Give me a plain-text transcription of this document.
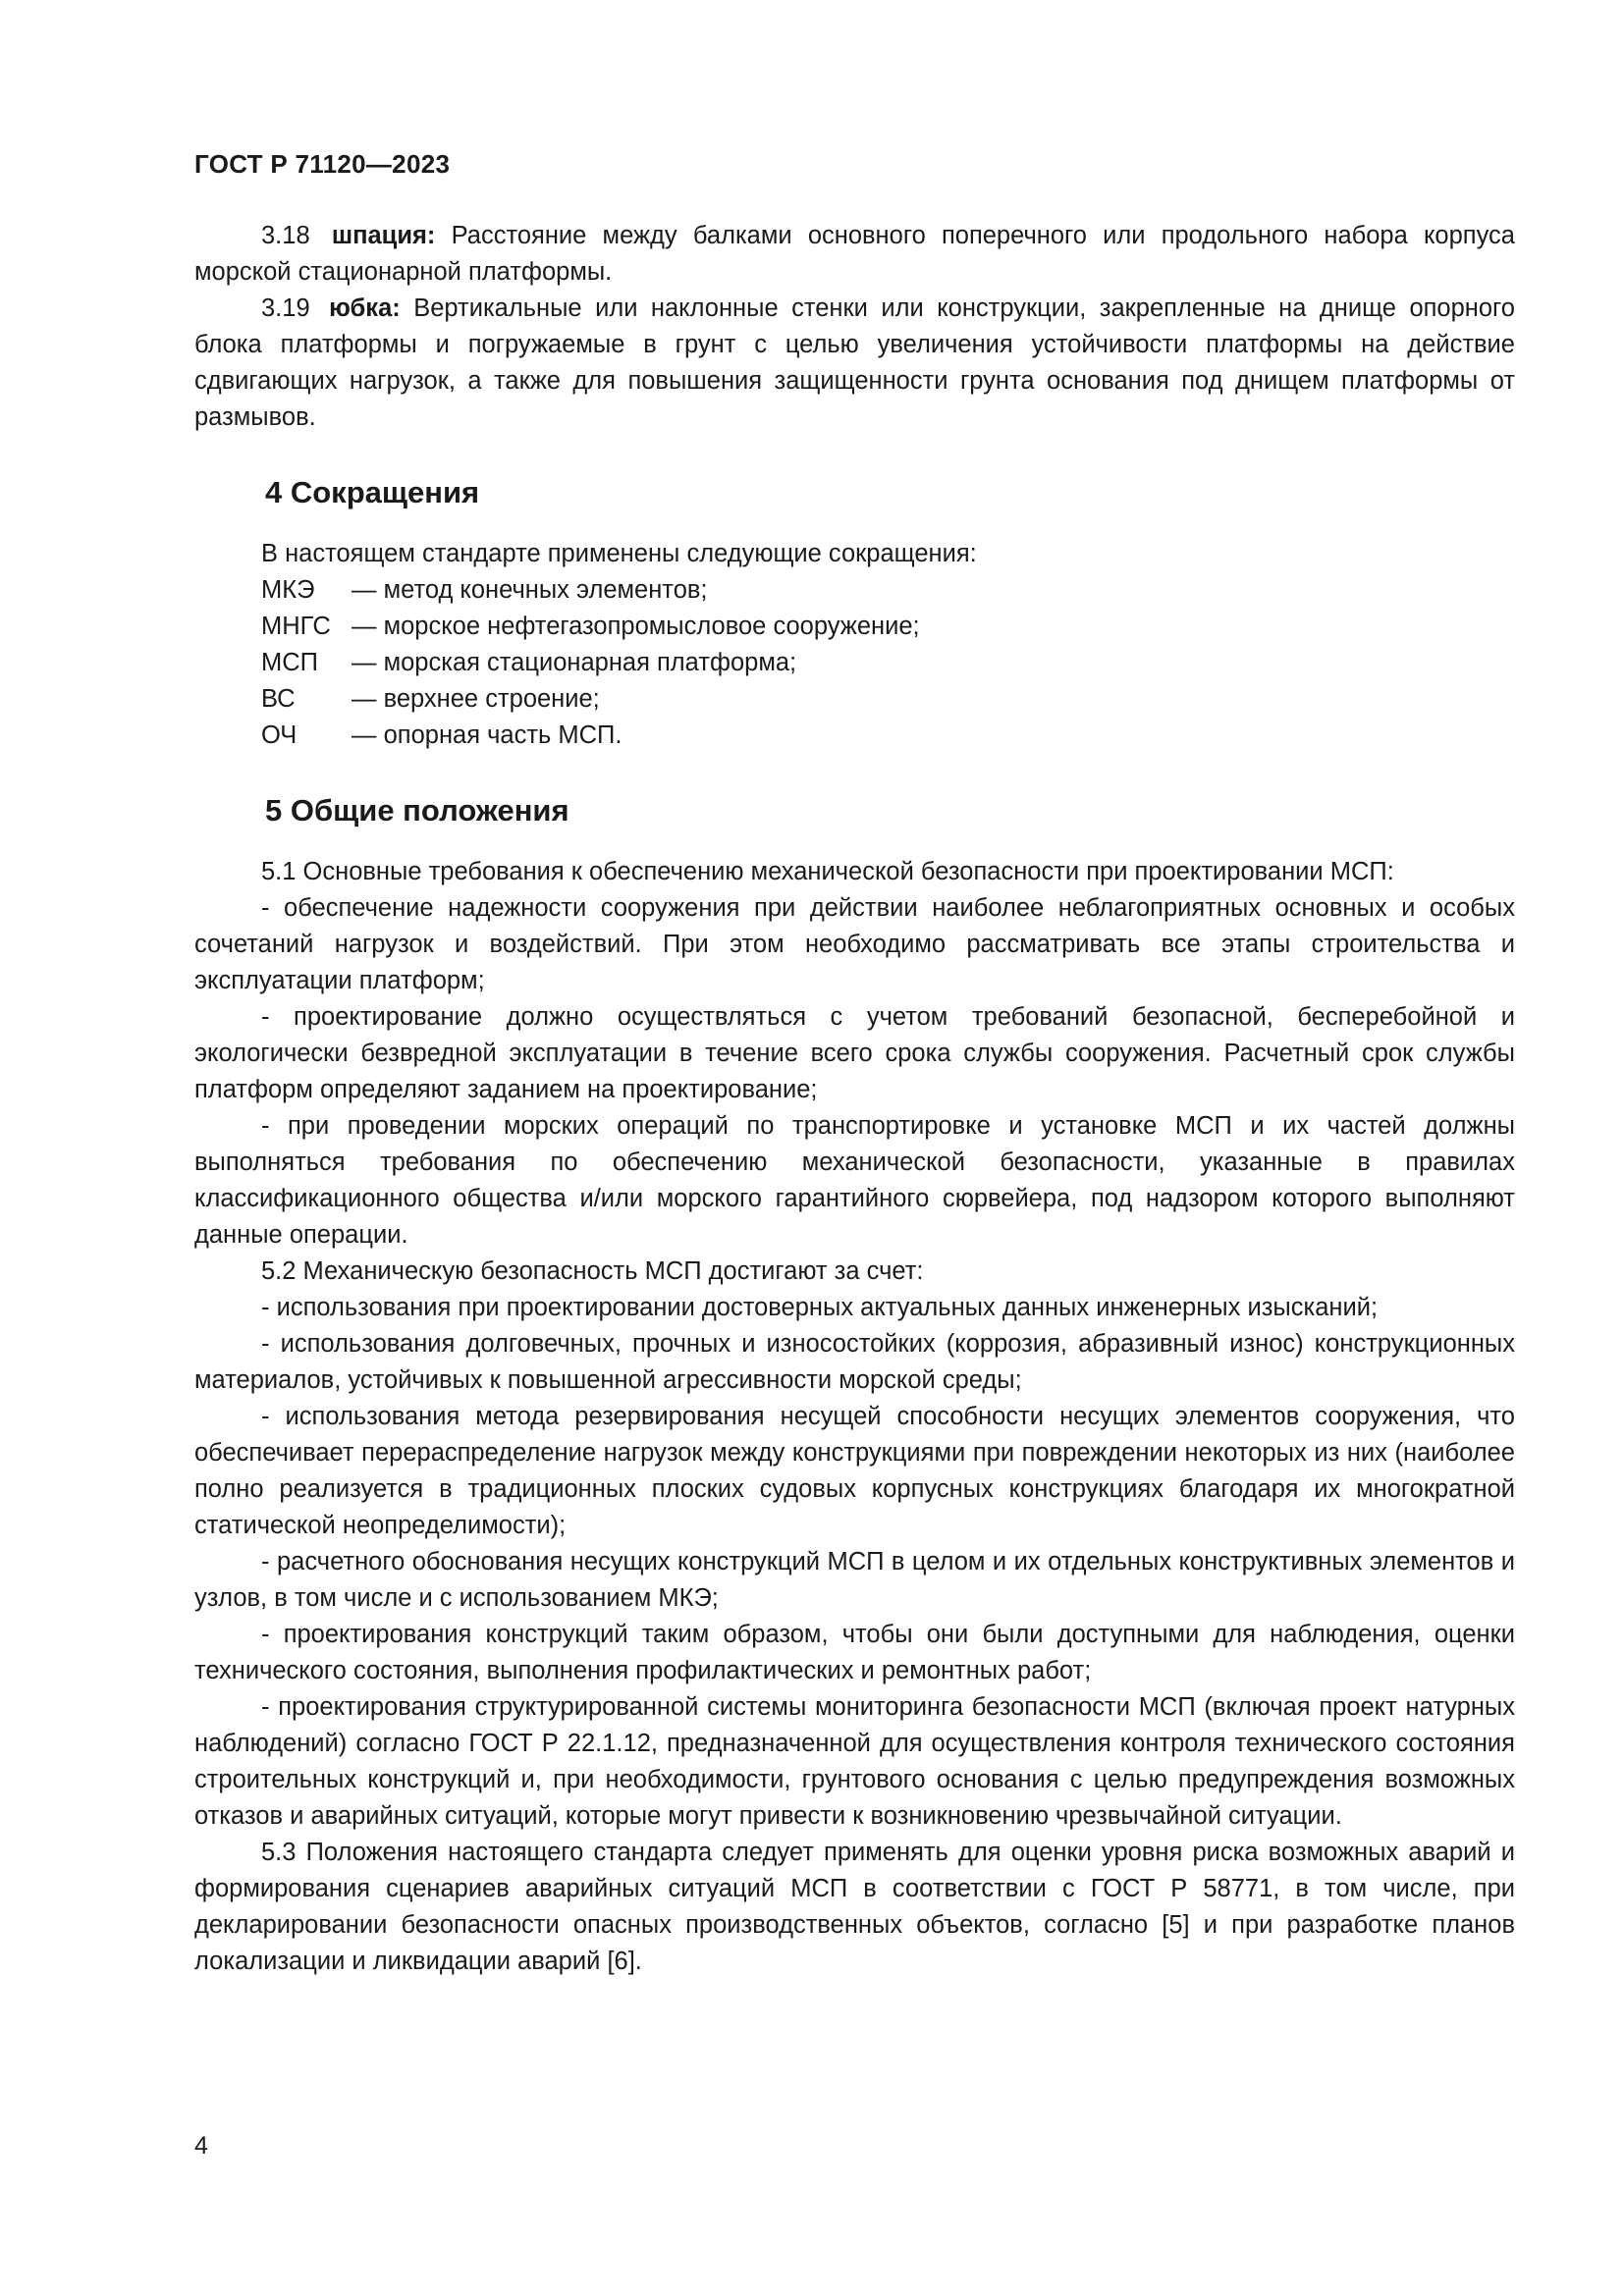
ГОСТ Р 71120—2023

3.18 шпация: Расстояние между балками основного поперечного или продольного набора корпуса морской стационарной платформы.

3.19 юбка: Вертикальные или наклонные стенки или конструкции, закрепленные на днище опорного блока платформы и погружаемые в грунт с целью увеличения устойчивости платформы на действие сдвигающих нагрузок, а также для повышения защищенности грунта основания под днищем платформы от размывов.

4 Сокращения
В настоящем стандарте применены следующие сокращения:
МКЭ	— метод конечных элементов;
МНГС — морское нефтегазопромысловое сооружение;
МСП	— морская стационарная платформа;
ВС	— верхнее строение;
ОЧ	— опорная часть МСП.
5 Общие положения

5.1 Основные требования к обеспечению механической безопасности при проектировании МСП:

- обеспечение надежности сооружения при действии наиболее неблагоприятных основных и особых сочетаний нагрузок и воздействий. При этом необходимо рассматривать все этапы строительства и эксплуатации платформ;

- проектирование должно осуществляться с учетом требований безопасной, бесперебойной и экологически безвредной эксплуатации в течение всего срока службы сооружения. Расчетный срок службы платформ определяют заданием на проектирование;

- при проведении морских операций по транспортировке и установке МСП и их частей должны выполняться требования по обеспечению механической безопасности, указанные в правилах классификационного общества и/или морского гарантийного сюрвейера, под надзором которого выполняют данные операции.

5.2 Механическую безопасность МСП достигают за счет:

- использования при проектировании достоверных актуальных данных инженерных изысканий;

- использования долговечных, прочных и износостойких (коррозия, абразивный износ) конструкционных материалов, устойчивых к повышенной агрессивности морской среды;

- использования метода резервирования несущей способности несущих элементов сооружения, что обеспечивает перераспределение нагрузок между конструкциями при повреждении некоторых из них (наиболее полно реализуется в традиционных плоских судовых корпусных конструкциях благодаря их многократной статической неопределимости);

- расчетного обоснования несущих конструкций МСП в целом и их отдельных конструктивных элементов и узлов, в том числе и с использованием МКЭ;

- проектирования конструкций таким образом, чтобы они были доступными для наблюдения, оценки технического состояния, выполнения профилактических и ремонтных работ;

- проектирования структурированной системы мониторинга безопасности МСП (включая проект натурных наблюдений) согласно ГОСТ Р 22.1.12, предназначенной для осуществления контроля технического состояния строительных конструкций и, при необходимости, грунтового основания с целью предупреждения возможных отказов и аварийных ситуаций, которые могут привести к возникновению чрезвычайной ситуации.

5.3 Положения настоящего стандарта следует применять для оценки уровня риска возможных аварий и формирования сценариев аварийных ситуаций МСП в соответствии с ГОСТ Р 58771, в том числе, при декларировании безопасности опасных производственных объектов, согласно [5] и при разработке планов локализации и ликвидации аварий [6].

4
